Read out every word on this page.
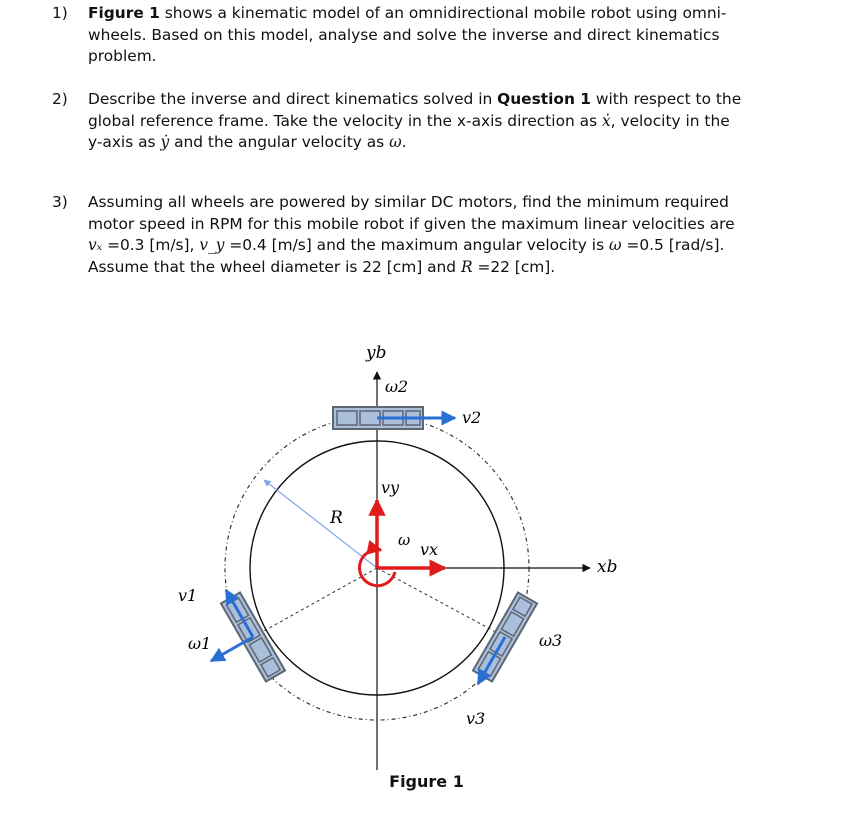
1) Figure 1 shows a kinematic model of an omnidirectional mobile robot using omni-
wheels. Based on this model, analyse and solve the inverse and direct kinematics
problem.
2) Describe the inverse and direct kinematics solved in Question 1 with respect to the
global reference frame. Take the velocity in the x-axis direction as ẋ, velocity in the
y-axis as ẏ and the angular velocity as ω.
3) Assuming all wheels are powered by similar DC motors, find the minimum required
motor speed in RPM for this mobile robot if given the maximum linear velocities are
vₓ =0.3 [m/s], v_y =0.4 [m/s] and the maximum angular velocity is ω =0.5 [rad/s].
Assume that the wheel diameter is 22 [cm] and R =22 [cm].
yb
ω2
v2
vy
R
ω vx
xb
v1
ω1	ω3
v3
Figure 1
